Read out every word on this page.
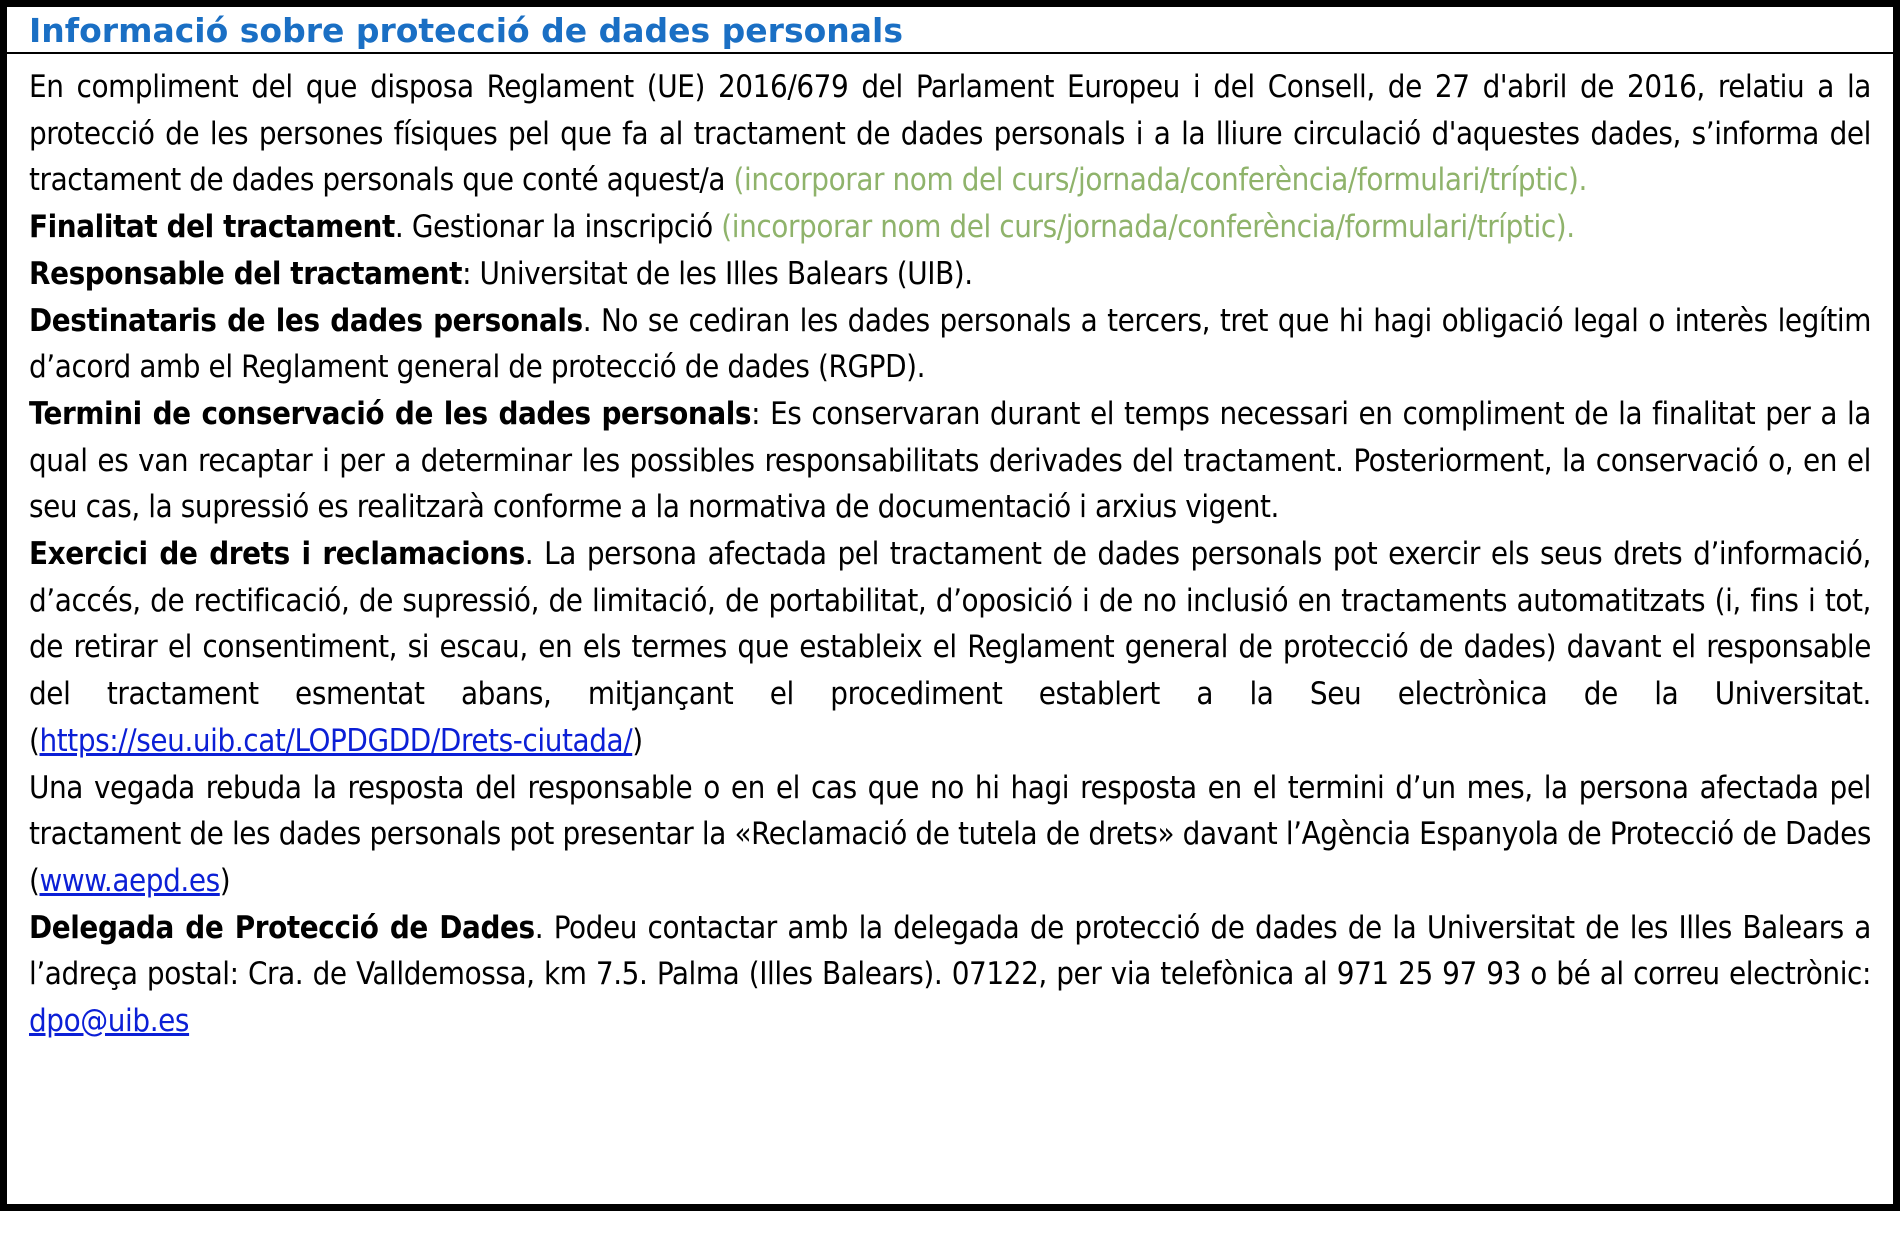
Informació sobre protecció de dades personals

En compliment del que disposa Reglament (UE) 2016/679 del Parlament Europeu i del Consell, de 27 d'abril de 2016, relatiu a la protecció de les persones físiques pel que fa al tractament de dades personals i a la lliure circulació d'aquestes dades, s’informa del tractament de dades personals que conté aquest/a (incorporar nom del curs/jornada/conferència/formulari/tríptic).

Finalitat del tractament. Gestionar la inscripció (incorporar nom del curs/jornada/conferència/formulari/tríptic).

Responsable del tractament: Universitat de les Illes Balears (UIB).

Destinataris de les dades personals. No se cediran les dades personals a tercers, tret que hi hagi obligació legal o interès legítim d’acord amb el Reglament general de protecció de dades (RGPD).

Termini de conservació de les dades personals: Es conservaran durant el temps necessari en compliment de la finalitat per a la qual es van recaptar i per a determinar les possibles responsabilitats derivades del tractament. Posteriorment, la conservació o, en el seu cas, la supressió es realitzarà conforme a la normativa de documentació i arxius vigent.

Exercici de drets i reclamacions. La persona afectada pel tractament de dades personals pot exercir els seus drets d’informació, d’accés, de rectificació, de supressió, de limitació, de portabilitat, d’oposició i de no inclusió en tractaments automatitzats (i, fins i tot, de retirar el consentiment, si escau, en els termes que estableix el Reglament general de protecció de dades) davant el responsable del tractament esmentat abans, mitjançant el procediment establert a la Seu electrònica de la Universitat. (https://seu.uib.cat/LOPDGDD/Drets-ciutada/)

Una vegada rebuda la resposta del responsable o en el cas que no hi hagi resposta en el termini d’un mes, la persona afectada pel tractament de les dades personals pot presentar la «Reclamació de tutela de drets» davant l’Agència Espanyola de Protecció de Dades (www.aepd.es)

Delegada de Protecció de Dades. Podeu contactar amb la delegada de protecció de dades de la Universitat de les Illes Balears a l’adreça postal: Cra. de Valldemossa, km 7.5. Palma (Illes Balears). 07122, per via telefònica al 971 25 97 93 o bé al correu electrònic: dpo@uib.es
